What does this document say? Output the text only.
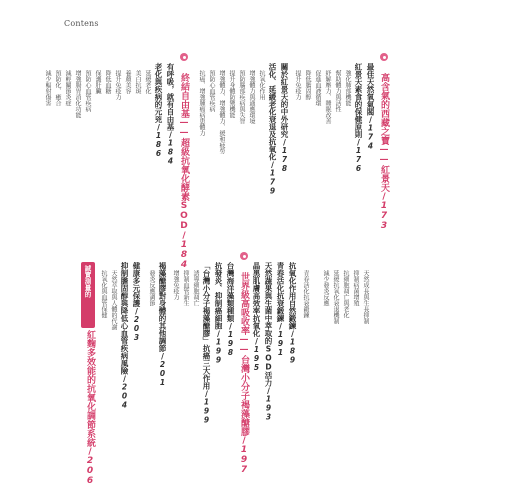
Contens
高含氣的西藏之寶——紅景天/173
最佳天然氧氣閥/174
紅景天素食的保健原則/176
強化肺部機能
幫助體力與活性
紓解壓力、睡眠改善
促進血液循環
降低膽固醇
提升免疫力
關於紅景天的中外研究/178
活化、延緩老化衰退及抗氧化/179
抗氧化作用
增強體力與適應環境
預防腦部疾病與失智
提升身體防禦機能
增強體力、增強體力、緩和疲勞
預防心血管疾病
抗癌、增強腫瘤病患體力
終結自由基——超級抗氧化酵素SOD/184
有呼吸，就有自由基/184
老化與疾病的元兇/186
延緩老化
美白抗斑
養顏美容
提升免疫力
降低血糖
保護肝臟
預防心血管疾病
增強腸胃消化功能
減輕關節炎症
預防化、癒合
減少輻射傷害
抗氧化作用自然鍛鍊/189
天然成長與生長抑制
抑制病菌增殖
抗細胞凋亡與老化
延緩抗氧化衰退機制
減少發炎反應
青春活化抗衰鍛鍊
青春活化抗衰鍛鍊/191
天然蔬果與生菌中萃取的SOD活力/193
晶黑肌膚高效率抗氧化/195
世界級高吸收率——台灣小分子褐藻醣膠/197
台灣海洋藻類種類/198
抗發炎、抑制癌細胞/199
「台灣小分子褐藻醣膠」抗癌三大作用/199
誘導細胞凋亡
抑制血管新生
增強免疫力
褐藻醣膠對身體的其他調節/201
發炎反應調節
健康多元保護/203
抑制膽固醇與降低心血管疾病風險/204
天然萃取與人體的代謝
抗氧化與血管保健
紅麴多效能的抗氧化調節系統/206
誠實測量的
